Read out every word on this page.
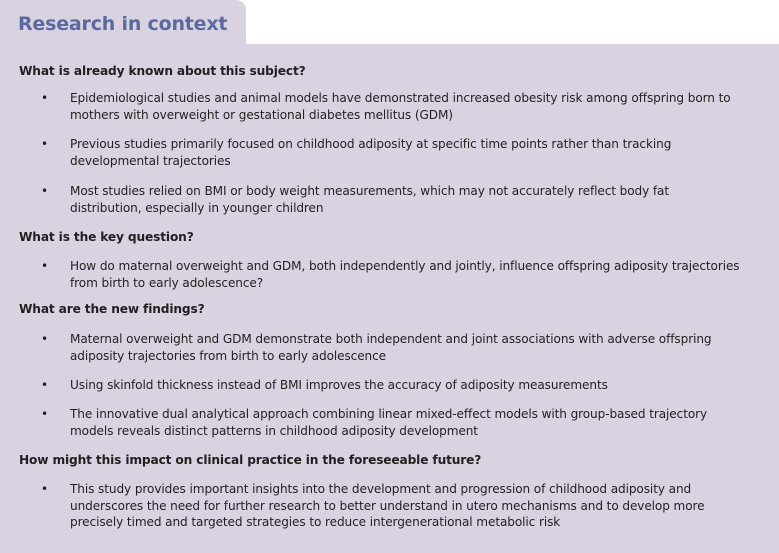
Research in context
What is already known about this subject?
• Epidemiological studies and animal models have demonstrated increased obesity risk among offspring born to mothers with overweight or gestational diabetes mellitus (GDM)
• Previous studies primarily focused on childhood adiposity at specific time points rather than tracking developmental trajectories
• Most studies relied on BMI or body weight measurements, which may not accurately reflect body fat distribution, especially in younger children
What is the key question?
• How do maternal overweight and GDM, both independently and jointly, influence offspring adiposity trajectories from birth to early adolescence?
What are the new findings?
• Maternal overweight and GDM demonstrate both independent and joint associations with adverse offspring adiposity trajectories from birth to early adolescence
• Using skinfold thickness instead of BMI improves the accuracy of adiposity measurements
• The innovative dual analytical approach combining linear mixed-effect models with group-based trajectory models reveals distinct patterns in childhood adiposity development
How might this impact on clinical practice in the foreseeable future?
• This study provides important insights into the development and progression of childhood adiposity and underscores the need for further research to better understand in utero mechanisms and to develop more precisely timed and targeted strategies to reduce intergenerational metabolic risk
